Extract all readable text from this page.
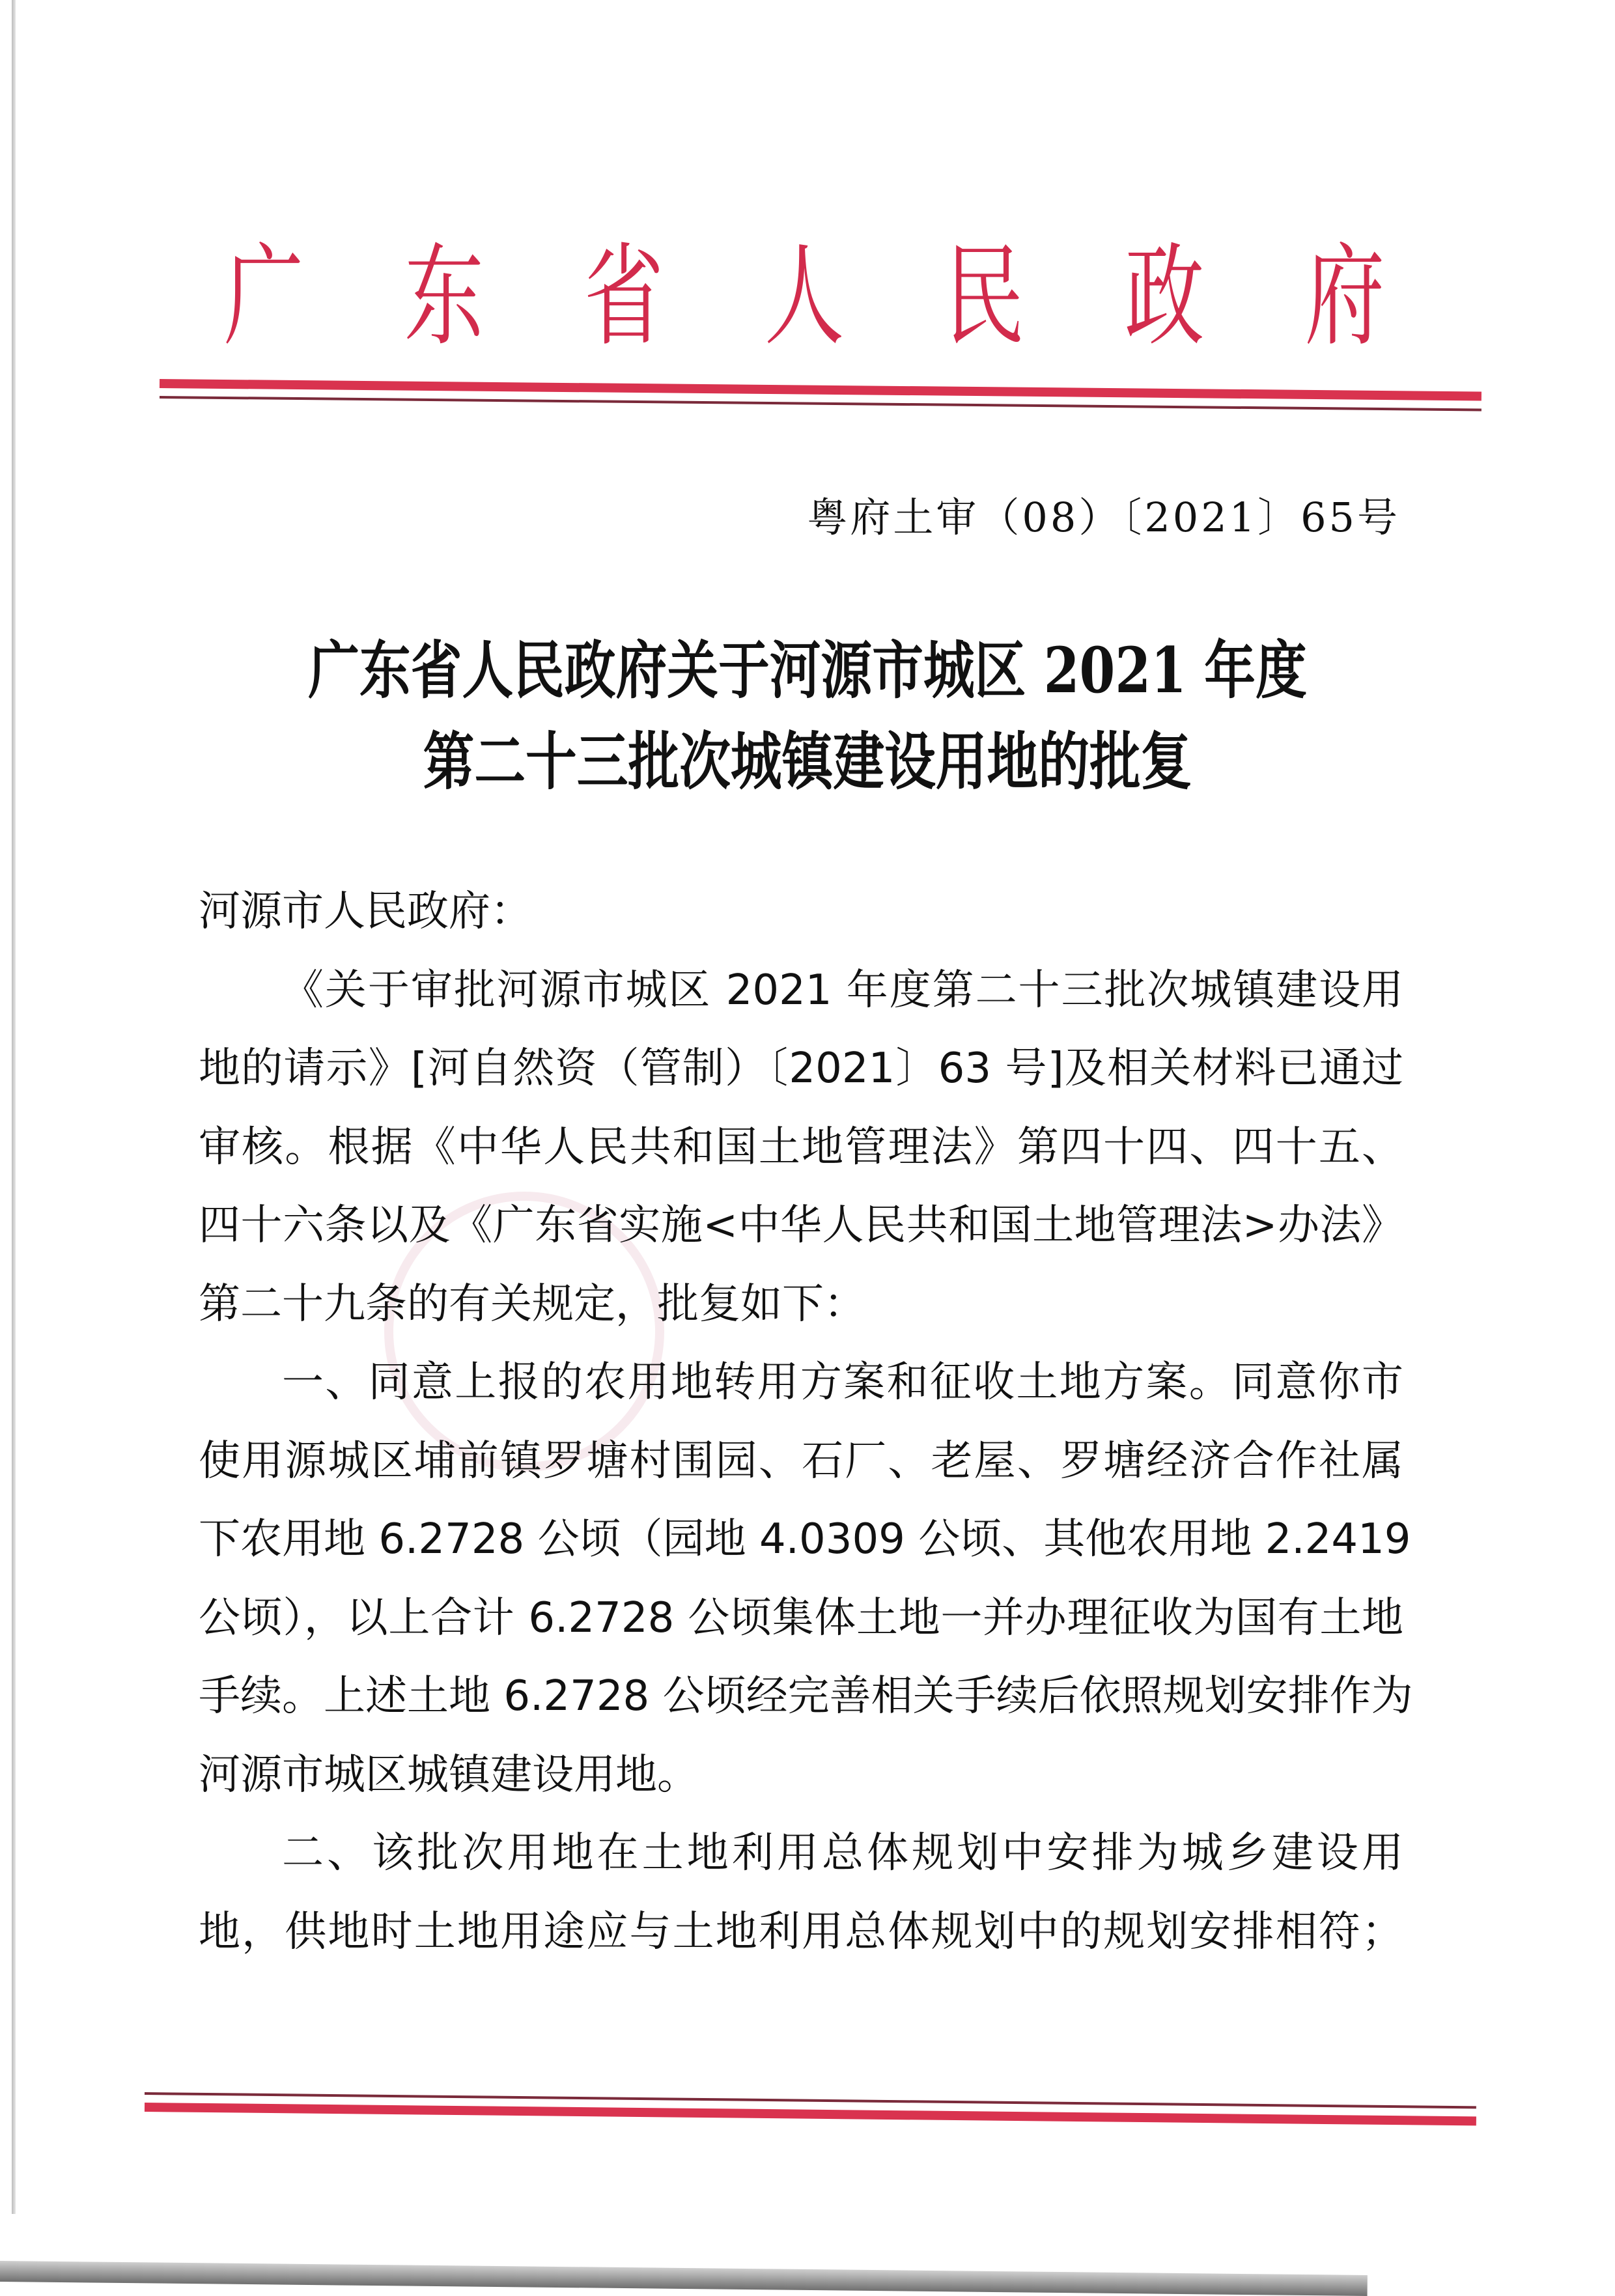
广 东 省 人 民 政 府
粤府土审（08）〔2021〕65号
广东省人民政府关于河源市城区 2021 年度
第二十三批次城镇建设用地的批复
河源市人民政府：
《关于审批河源市城区 2021 年度第二十三批次城镇建设用
地的请示》[河自然资（管制）〔2021〕63 号]及相关材料已通过
审核。根据《中华人民共和国土地管理法》第四十四、四十五、
四十六条以及《广东省实施<中华人民共和国土地管理法>办法》
第二十九条的有关规定，批复如下：
一、同意上报的农用地转用方案和征收土地方案。同意你市
使用源城区埔前镇罗塘村围园、石厂、老屋、罗塘经济合作社属
下农用地 6.2728 公顷（园地 4.0309 公顷、其他农用地 2.2419
公顷），以上合计 6.2728 公顷集体土地一并办理征收为国有土地
手续。上述土地 6.2728 公顷经完善相关手续后依照规划安排作为
河源市城区城镇建设用地。
二、该批次用地在土地利用总体规划中安排为城乡建设用
地，供地时土地用途应与土地利用总体规划中的规划安排相符；
